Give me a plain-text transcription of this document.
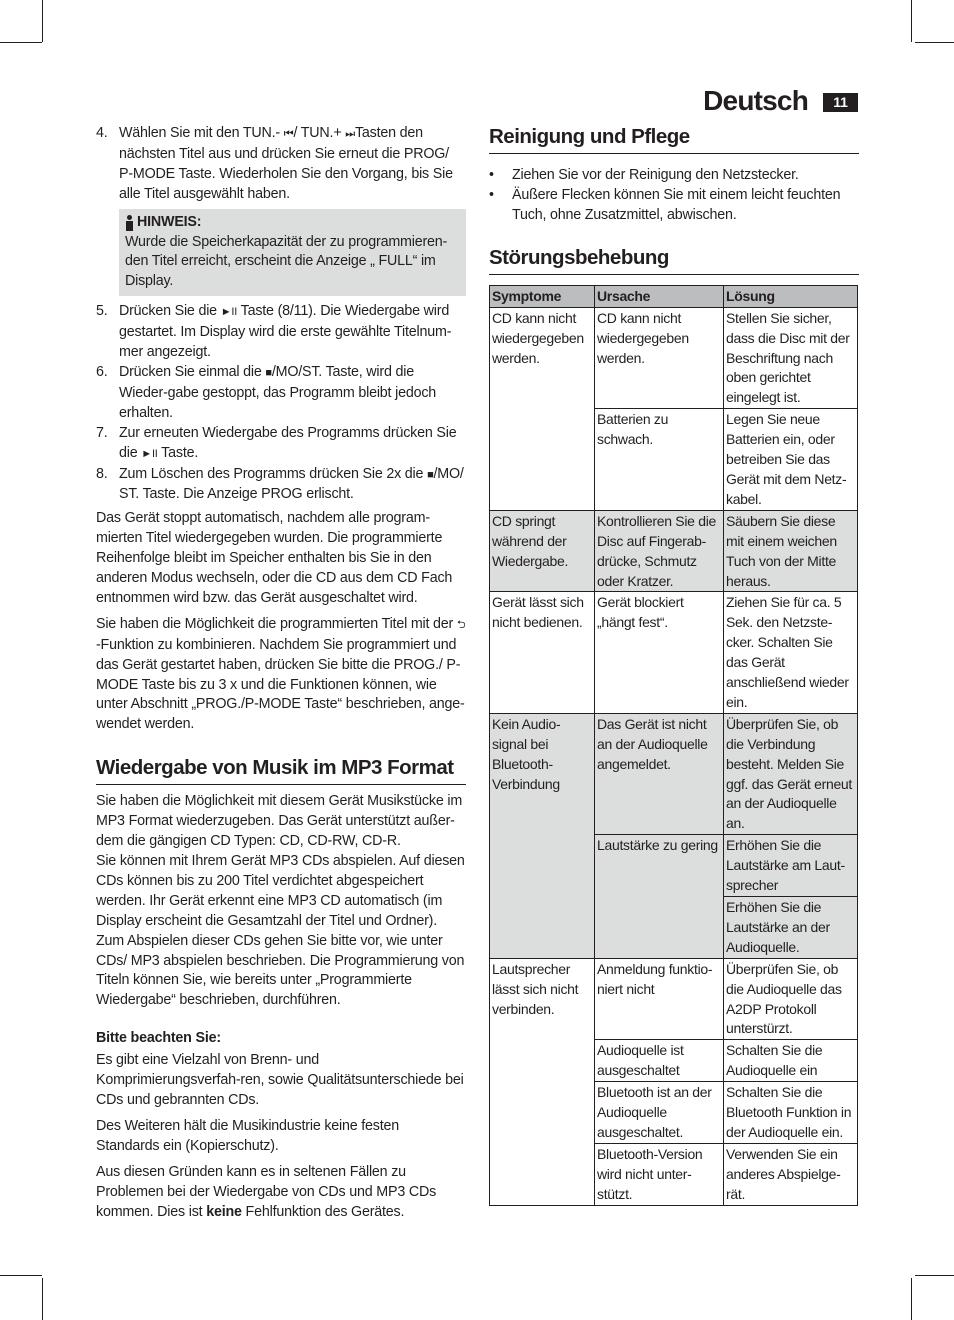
Deutsch	11
4. Wählen Sie mit den TUN.- ⏮/ TUN.+ ⏭Tasten den nächsten Titel aus und drücken Sie erneut die PROG/ P-MODE Taste. Wiederholen Sie den Vorgang, bis Sie alle Titel ausgewählt haben.
HINWEIS:
Wurde die Speicherkapazität der zu programmieren-den Titel erreicht, erscheint die Anzeige „ FULL“ im Display.
5. Drücken Sie die ►II Taste (8/11). Die Wiedergabe wird gestartet. Im Display wird die erste gewählte Titelnum-mer angezeigt.
6. Drücken Sie einmal die ■/MO/ST. Taste, wird die Wieder-gabe gestoppt, das Programm bleibt jedoch erhalten.
7. Zur erneuten Wiedergabe des Programms drücken Sie die ►II Taste.
8. Zum Löschen des Programms drücken Sie 2x die ■/MO/ ST. Taste. Die Anzeige PROG erlischt.

Das Gerät stoppt automatisch, nachdem alle program-mierten Titel wiedergegeben wurden. Die programmierte Reihenfolge bleibt im Speicher enthalten bis Sie in den anderen Modus wechseln, oder die CD aus dem CD Fach entnommen wird bzw. das Gerät ausgeschaltet wird.

Sie haben die Möglichkeit die programmierten Titel mit der ⮌-Funktion zu kombinieren. Nachdem Sie programmiert und das Gerät gestartet haben, drücken Sie bitte die PROG./ P-MODE Taste bis zu 3 x und die Funktionen können, wie unter Abschnitt „PROG./P-MODE Taste“ beschrieben, ange-wendet werden.

Wiedergabe von Musik im MP3 Format

Sie haben die Möglichkeit mit diesem Gerät Musikstücke im MP3 Format wiederzugeben. Das Gerät unterstützt außer-dem die gängigen CD Typen: CD, CD-RW, CD-R.
Sie können mit Ihrem Gerät MP3 CDs abspielen. Auf diesen CDs können bis zu 200 Titel verdichtet abgespeichert werden. Ihr Gerät erkennt eine MP3 CD automatisch (im Display erscheint die Gesamtzahl der Titel und Ordner). Zum Abspielen dieser CDs gehen Sie bitte vor, wie unter CDs/ MP3 abspielen beschrieben. Die Programmierung von Titeln können Sie, wie bereits unter „Programmierte Wiedergabe“ beschrieben, durchführen.

Bitte beachten Sie:

Es gibt eine Vielzahl von Brenn- und Komprimierungsverfah-ren, sowie Qualitätsunterschiede bei CDs und gebrannten CDs.

Des Weiteren hält die Musikindustrie keine festen Standards ein (Kopierschutz).

Aus diesen Gründen kann es in seltenen Fällen zu Problemen bei der Wiedergabe von CDs und MP3 CDs kommen. Dies ist keine Fehlfunktion des Gerätes.

Reinigung und Pflege
• Ziehen Sie vor der Reinigung den Netzstecker.
• Äußere Flecken können Sie mit einem leicht feuchten Tuch, ohne Zusatzmittel, abwischen.
Störungsbehebung
Symptome	Ursache	Lösung
CD kann nicht wiedergegeben werden.	CD kann nicht wiedergegeben werden.	Stellen Sie sicher, dass die Disc mit der Beschriftung nach oben gerichtet eingelegt ist.
	Batterien zu schwach.	Legen Sie neue Batterien ein, oder betreiben Sie das Gerät mit dem Netz-kabel.
CD springt während der Wiedergabe.	Kontrollieren Sie die Disc auf Fingerab-drücke, Schmutz oder Kratzer.	Säubern Sie diese mit einem weichen Tuch von der Mitte heraus.
Gerät lässt sich nicht bedienen.	Gerät blockiert „hängt fest“.	Ziehen Sie für ca. 5 Sek. den Netzste-cker. Schalten Sie das Gerät anschließend wieder ein.
Kein Audio-signal bei Bluetooth-Verbindung	Das Gerät ist nicht an der Audioquelle angemeldet.	Überprüfen Sie, ob die Verbindung besteht. Melden Sie ggf. das Gerät erneut an der Audioquelle an.
	Lautstärke zu gering	Erhöhen Sie die Lautstärke am Laut-sprecher
		Erhöhen Sie die Lautstärke an der Audioquelle.
Lautsprecher lässt sich nicht verbinden.	Anmeldung funktio-niert nicht	Überprüfen Sie, ob die Audioquelle das A2DP Protokoll unterstürzt.
	Audioquelle ist ausgeschaltet	Schalten Sie die Audioquelle ein
	Bluetooth ist an der Audioquelle ausgeschaltet.	Schalten Sie die Bluetooth Funktion in der Audioquelle ein.
	Bluetooth-Version wird nicht unter-stützt.	Verwenden Sie ein anderes Abspielge-rät.
